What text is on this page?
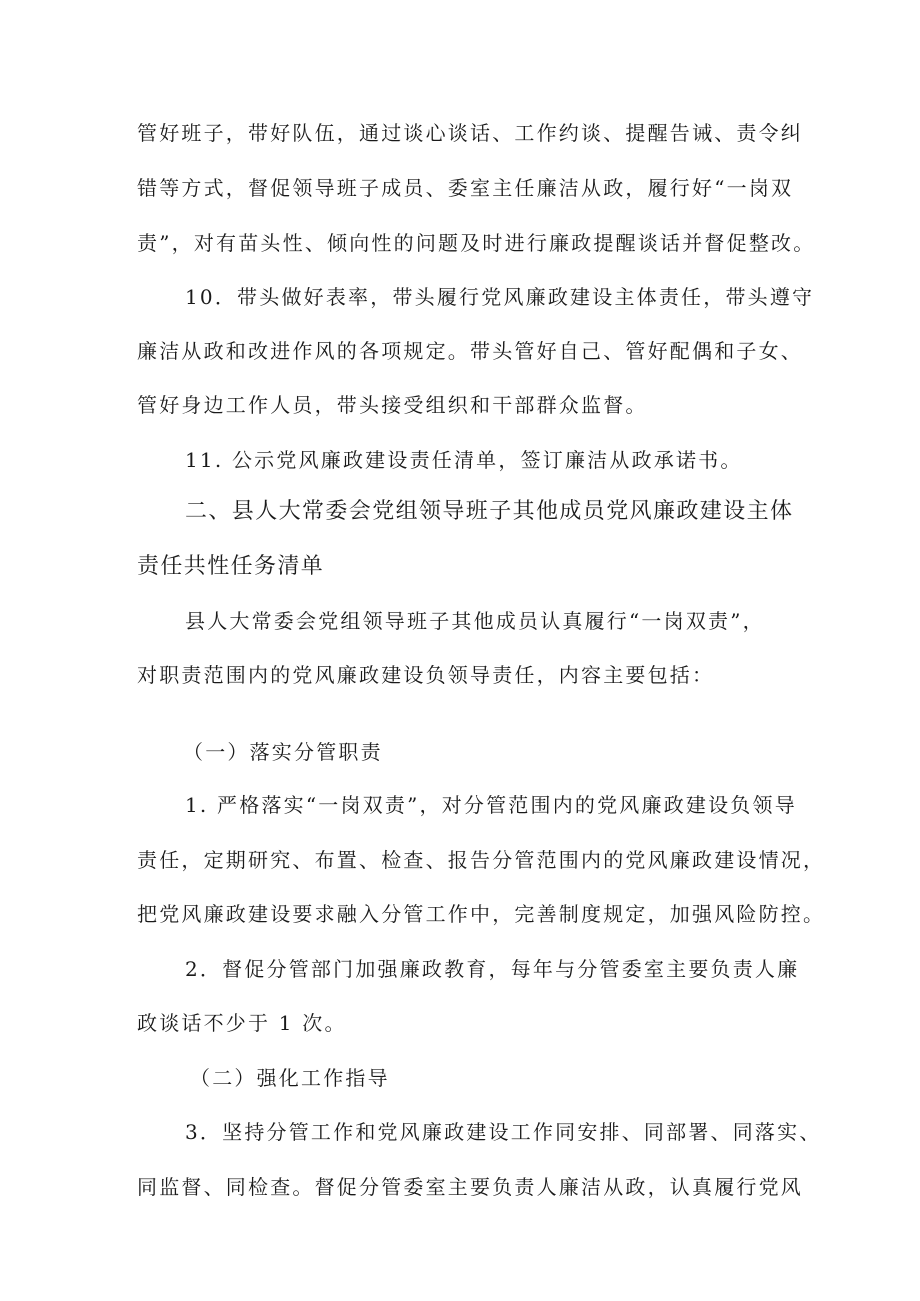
管好班子，带好队伍，通过谈心谈话、工作约谈、提醒告诫、责令纠
错等方式，督促领导班子成员、委室主任廉洁从政，履行好“一岗双
责”，对有苗头性、倾向性的问题及时进行廉政提醒谈话并督促整改。
10．带头做好表率，带头履行党风廉政建设主体责任，带头遵守
廉洁从政和改进作风的各项规定。带头管好自己、管好配偶和子女、
管好身边工作人员，带头接受组织和干部群众监督。
11. 公示党风廉政建设责任清单，签订廉洁从政承诺书。
二、县人大常委会党组领导班子其他成员党风廉政建设主体
责任共性任务清单
县人大常委会党组领导班子其他成员认真履行“一岗双责”，
对职责范围内的党风廉政建设负领导责任，内容主要包括：
（一）落实分管职责
1. 严格落实“一岗双责”，对分管范围内的党风廉政建设负领导
责任，定期研究、布置、检查、报告分管范围内的党风廉政建设情况，
把党风廉政建设要求融入分管工作中，完善制度规定，加强风险防控。
2．督促分管部门加强廉政教育，每年与分管委室主要负责人廉
政谈话不少于 1 次。
（二）强化工作指导
3．坚持分管工作和党风廉政建设工作同安排、同部署、同落实、
同监督、同检查。督促分管委室主要负责人廉洁从政，认真履行党风
